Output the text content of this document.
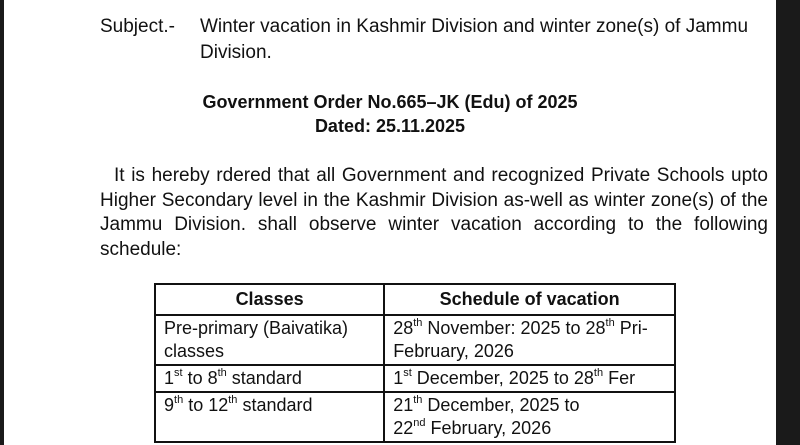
Subject.-	Winter vacation in Kashmir Division and winter zone(s) of Jammu Division.
Government Order No.665–JK (Edu) of 2025
Dated: 25.11.2025
It is hereby rdered that all Government and recognized Private Schools upto Higher Secondary level in the Kashmir Division as-well as winter zone(s) of the Jammu Division. shall observe winter vacation according to the following schedule:
Classes	Schedule of vacation
Pre-primary (Baivatika) classes	28th November: 2025 to 28th Pri- February, 2026
1st to 8th standard	1st December, 2025 to 28th Fer
9th to 12th standard	21th December, 2025 to
22nd February, 2026
